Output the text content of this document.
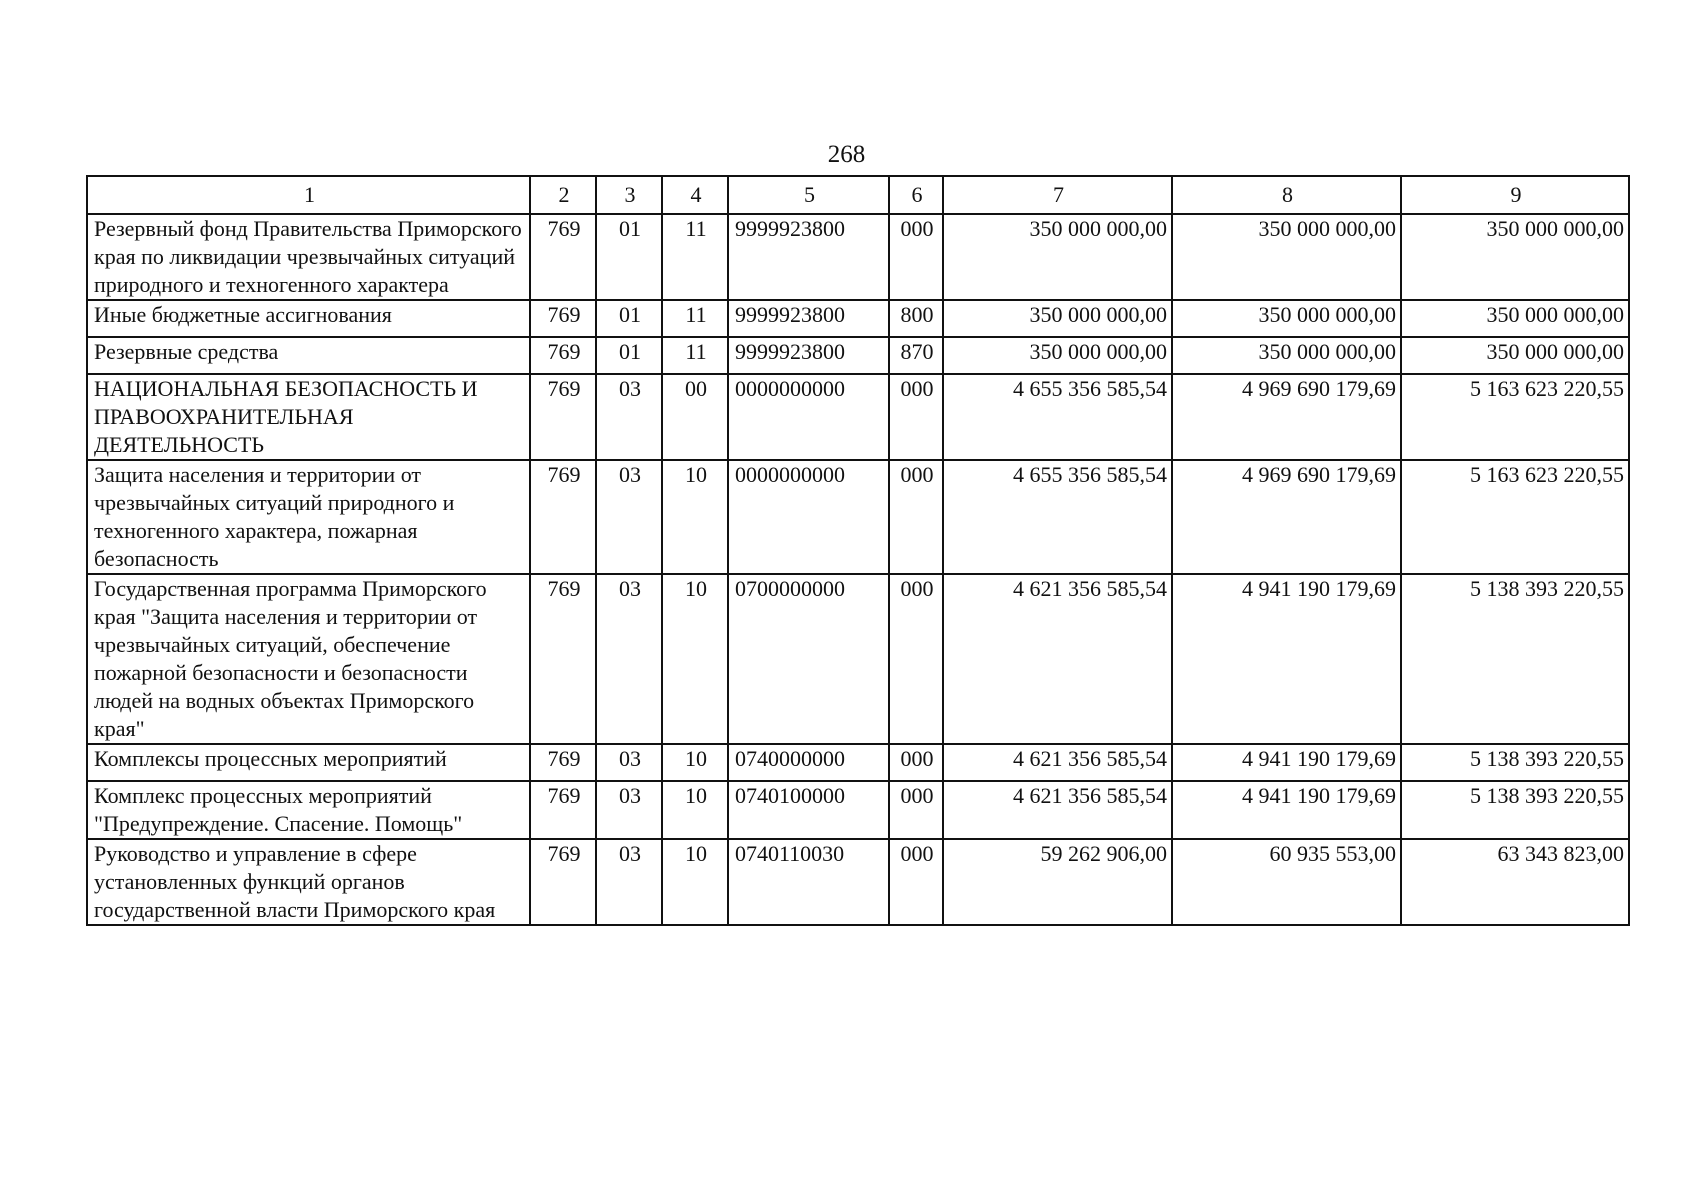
268
1	2	3	4	5	6	7	8	9
Резервный фонд Правительства Приморского края по ликвидации чрезвычайных ситуаций природного и техногенного характера	769	01	11	9999923800	000	350 000 000,00	350 000 000,00	350 000 000,00
Иные бюджетные ассигнования	769	01	11	9999923800	800	350 000 000,00	350 000 000,00	350 000 000,00
Резервные средства	769	01	11	9999923800	870	350 000 000,00	350 000 000,00	350 000 000,00
НАЦИОНАЛЬНАЯ БЕЗОПАСНОСТЬ И ПРАВООХРАНИТЕЛЬНАЯ ДЕЯТЕЛЬНОСТЬ	769	03	00	0000000000	000	4 655 356 585,54	4 969 690 179,69	5 163 623 220,55
Защита населения и территории от чрезвычайных ситуаций природного и техногенного характера, пожарная безопасность	769	03	10	0000000000	000	4 655 356 585,54	4 969 690 179,69	5 163 623 220,55
Государственная программа Приморского края "Защита населения и территории от чрезвычайных ситуаций, обеспечение пожарной безопасности и безопасности людей на водных объектах Приморского края"	769	03	10	0700000000	000	4 621 356 585,54	4 941 190 179,69	5 138 393 220,55
Комплексы процессных мероприятий	769	03	10	0740000000	000	4 621 356 585,54	4 941 190 179,69	5 138 393 220,55
Комплекс процессных мероприятий "Предупреждение. Спасение. Помощь"	769	03	10	0740100000	000	4 621 356 585,54	4 941 190 179,69	5 138 393 220,55
Руководство и управление в сфере установленных функций органов государственной власти Приморского края	769	03	10	0740110030	000	59 262 906,00	60 935 553,00	63 343 823,00
